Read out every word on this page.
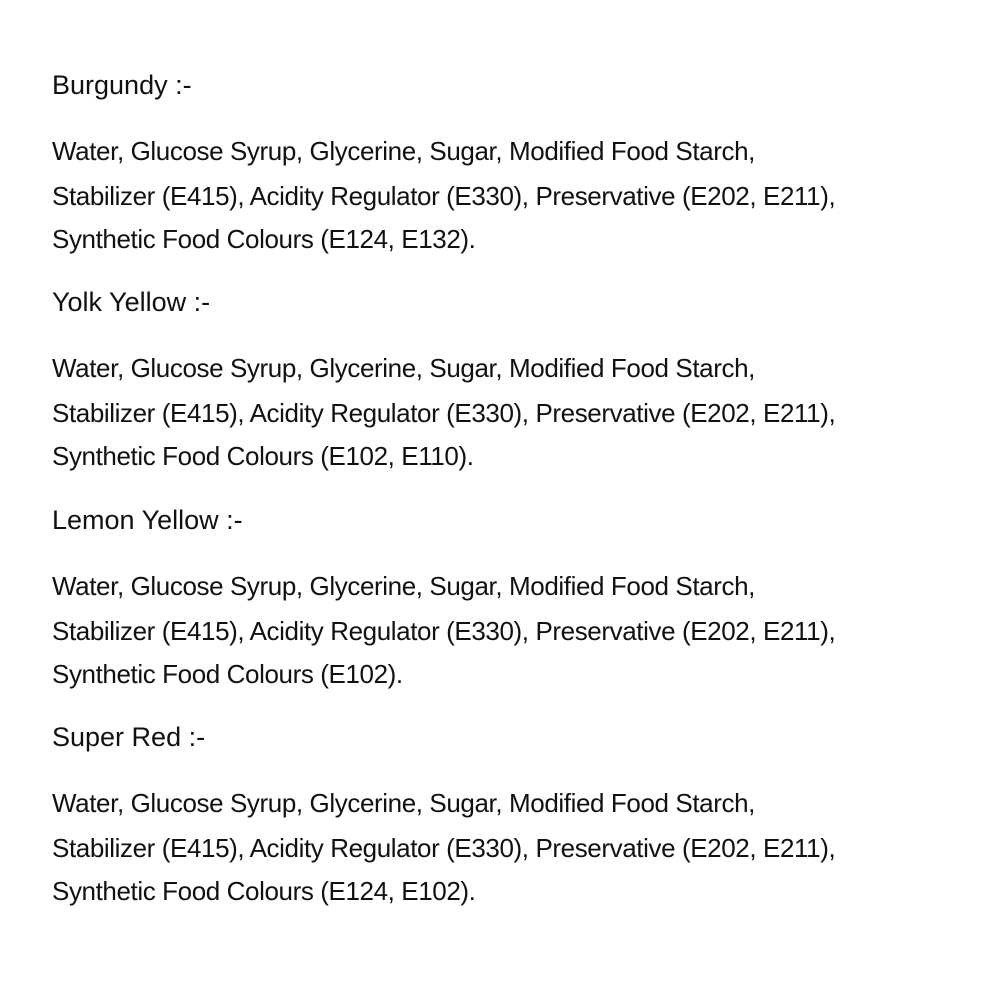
Burgundy :-
Water, Glucose Syrup, Glycerine, Sugar, Modified Food Starch,
Stabilizer (E415), Acidity Regulator (E330), Preservative (E202, E211),
Synthetic Food Colours (E124, E132).
Yolk Yellow :-
Water, Glucose Syrup, Glycerine, Sugar, Modified Food Starch,
Stabilizer (E415), Acidity Regulator (E330), Preservative (E202, E211),
Synthetic Food Colours (E102, E110).
Lemon Yellow :-
Water, Glucose Syrup, Glycerine, Sugar, Modified Food Starch,
Stabilizer (E415), Acidity Regulator (E330), Preservative (E202, E211),
Synthetic Food Colours (E102).
Super Red :-
Water, Glucose Syrup, Glycerine, Sugar, Modified Food Starch,
Stabilizer (E415), Acidity Regulator (E330), Preservative (E202, E211),
Synthetic Food Colours (E124, E102).
